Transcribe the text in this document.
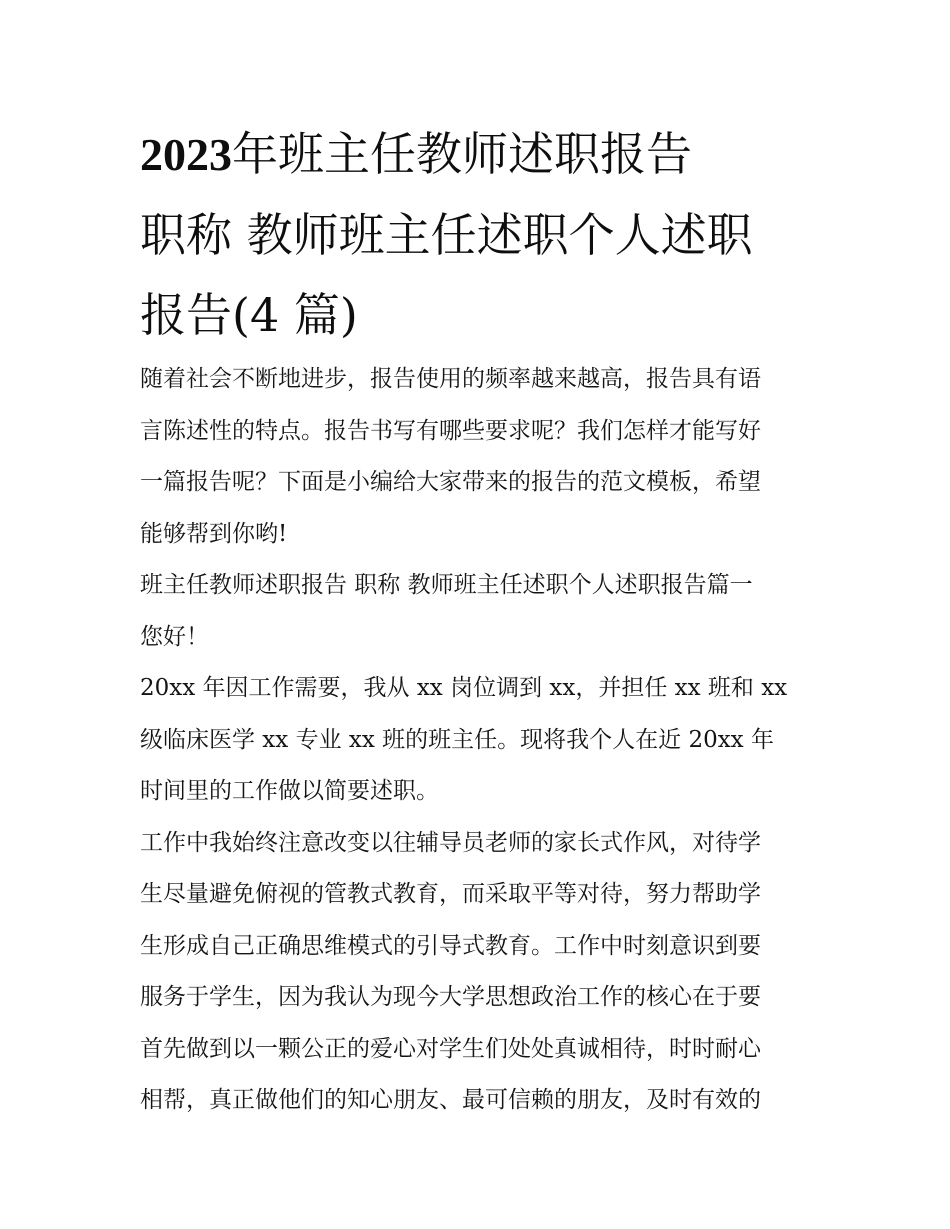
2023年班主任教师述职报告
职称 教师班主任述职个人述职
报告(4 篇)
随着社会不断地进步，报告使用的频率越来越高，报告具有语
言陈述性的特点。报告书写有哪些要求呢？我们怎样才能写好
一篇报告呢？下面是小编给大家带来的报告的范文模板，希望
能够帮到你哟!
班主任教师述职报告 职称 教师班主任述职个人述职报告篇一
您好！
20xx 年因工作需要，我从 xx 岗位调到 xx，并担任 xx 班和 xx
级临床医学 xx 专业 xx 班的班主任。现将我个人在近 20xx 年
时间里的工作做以简要述职。
工作中我始终注意改变以往辅导员老师的家长式作风，对待学
生尽量避免俯视的管教式教育，而采取平等对待，努力帮助学
生形成自己正确思维模式的引导式教育。工作中时刻意识到要
服务于学生，因为我认为现今大学思想政治工作的核心在于要
首先做到以一颗公正的爱心对学生们处处真诚相待，时时耐心
相帮，真正做他们的知心朋友、最可信赖的朋友，及时有效的
